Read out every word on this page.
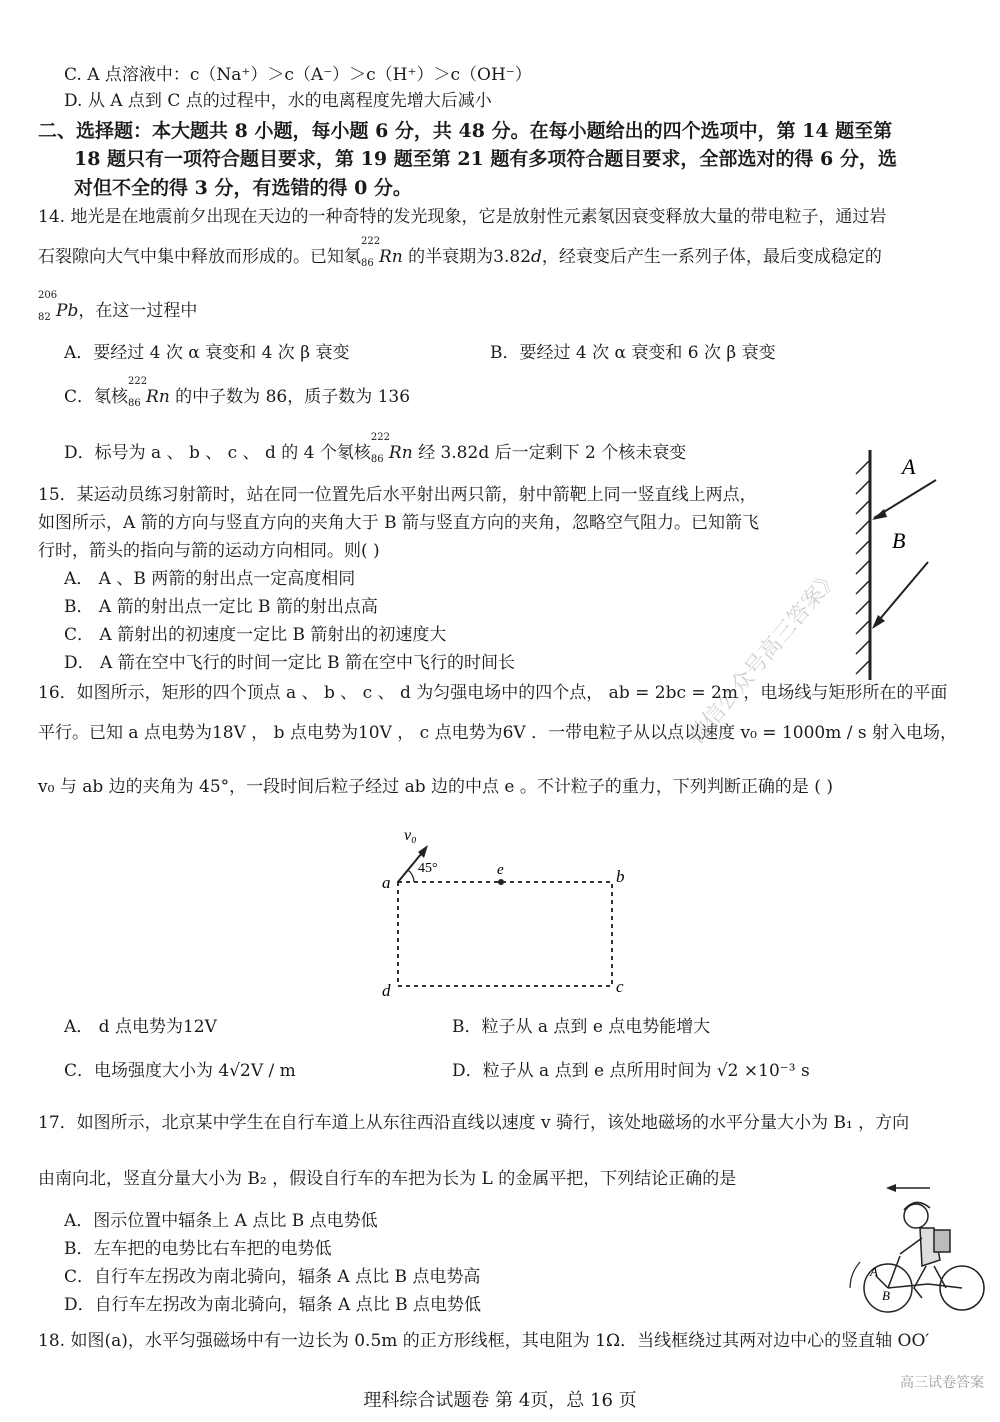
C. A 点溶液中：c（Na⁺）＞c（A⁻）＞c（H⁺）＞c（OH⁻）
D. 从 A 点到 C 点的过程中，水的电离程度先增大后减小
二、选择题：本大题共 8 小题，每小题 6 分，共 48 分。在每小题给出的四个选项中，第 14 题至第
18 题只有一项符合题目要求，第 19 题至第 21 题有多项符合题目要求，全部选对的得 6 分，选
对但不全的得 3 分，有选错的得 0 分。
14. 地光是在地震前夕出现在天边的一种奇特的发光现象，它是放射性元素氡因衰变释放大量的带电粒子，通过岩
石裂隙向大气中集中释放而形成的。已知氡
222
86 Rn 的半衰期为3.82d，经衰变后产生一系列子体，最后变成稳定的
206
82 Pb，在这一过程中
A．要经过 4 次 α 衰变和 4 次 β 衰变	B．要经过 4 次 α 衰变和 6 次 β 衰变
C．氡核
222
86 Rn 的中子数为 86，质子数为 136
D．标号为 a 、 b 、 c 、 d 的 4 个氡核
222
86 Rn 经 3.82d 后一定剩下 2 个核未衰变
15．某运动员练习射箭时，站在同一位置先后水平射出两只箭，射中箭靶上同一竖直线上两点，
如图所示，A 箭的方向与竖直方向的夹角大于 B 箭与竖直方向的夹角，忽略空气阻力。已知箭飞
行时，箭头的指向与箭的运动方向相同。则( )
A． A 、B 两箭的射出点一定高度相同
B． A 箭的射出点一定比 B 箭的射出点高
C． A 箭射出的初速度一定比 B 箭射出的初速度大
D． A 箭在空中飞行的时间一定比 B 箭在空中飞行的时间长
A
B
16．如图所示，矩形的四个顶点 a 、 b 、 c 、 d 为匀强电场中的四个点， ab = 2bc = 2m ，电场线与矩形所在的平面
平行。已知 a 点电势为18V ， b 点电势为10V ， c 点电势为6V ．一带电粒子从以点以速度 v₀ = 1000m / s 射入电场，
v₀ 与 ab 边的夹角为 45°，一段时间后粒子经过 ab 边的中点 e 。不计粒子的重力，下列判断正确的是 ( )
v₀
45°
a	b
c
d
e
A． d 点电势为12V	B．粒子从 a 点到 e 点电势能增大
C．电场强度大小为 4√2V / m	D．粒子从 a 点到 e 点所用时间为 √2 ×10⁻³ s
17．如图所示，北京某中学生在自行车道上从东往西沿直线以速度 v 骑行，该处地磁场的水平分量大小为 B₁ ，方向
由南向北，竖直分量大小为 B₂ ，假设自行车的车把为长为 L 的金属平把，下列结论正确的是
A．图示位置中辐条上 A 点比 B 点电势低
B．左车把的电势比右车把的电势低
C．自行车左拐改为南北骑向，辐条 A 点比 B 点电势高
D．自行车左拐改为南北骑向，辐条 A 点比 B 点电势低
A
B
18. 如图(a)，水平匀强磁场中有一边长为 0.5m 的正方形线框，其电阻为 1Ω．当线框绕过其两对边中心的竖直轴 OO′
理科综合试题卷 第 4页，总 16 页
微信公众号高三答案》
高三试卷答案
